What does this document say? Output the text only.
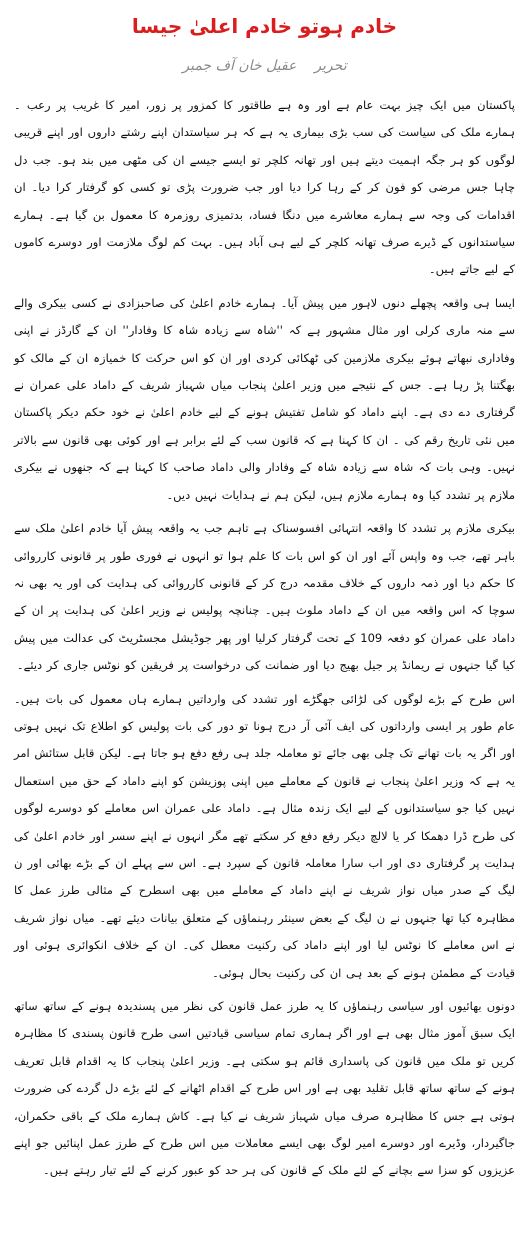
خادم ہوتو خادم اعلیٰ جیسا
تحریرعقیل خان آف جمبر

پاکستان میں ایک چیز بہت عام ہے اور وہ ہے طاقتور کا کمزور پر زور، امیر کا غریب پر رعب ۔ ہمارے ملک کی سیاست کی سب بڑی بیماری یہ ہے کہ ہر سیاستدان اپنے رشتے داروں اور اپنے قریبی لوگوں کو ہر جگہ اہمیت دیتے ہیں اور تھانہ کلچر تو ایسے جیسے ان کی مٹھی میں بند ہو۔ جب دل چاہا جس مرضی کو فون کر کے رہا کرا دیا اور جب ضرورت پڑی تو کسی کو گرفتار کرا دیا۔ ان اقدامات کی وجہ سے ہمارے معاشرے میں دنگا فساد، بدتمیزی روزمرہ کا معمول بن گیا ہے۔ ہمارے سیاستدانوں کے ڈیرے صرف تھانہ کلچر کے لیے ہی آباد ہیں۔ بہت کم لوگ ملازمت اور دوسرے کاموں کے لیے جاتے ہیں۔

ایسا ہی واقعہ پچھلے دنوں لاہور میں پیش آیا۔ ہمارے خادم اعلیٰ کی صاحبزادی نے کسی بیکری والے سے منہ ماری کرلی اور مثال مشہور ہے کہ ''شاہ سے زیادہ شاہ کا وفادار'' ان کے گارڈز نے اپنی وفاداری نبھاتے ہوئے بیکری ملازمین کی ٹھکائی کردی اور ان کو اس حرکت کا خمیازہ ان کے مالک کو بھگتنا پڑ رہا ہے۔ جس کے نتیجے میں وزیر اعلیٰ پنجاب میاں شہباز شریف کے داماد علی عمران نے گرفتاری دے دی ہے۔ اپنے داماد کو شامل تفتیش ہونے کے لیے خادم اعلیٰ نے خود حکم دیکر پاکستان میں نئی تاریخ رقم کی ۔ ان کا کہنا ہے کہ قانون سب کے لئے برابر ہے اور کوئی بھی قانون سے بالاتر نہیں۔ وہی بات کہ شاہ سے زیادہ شاہ کے وفادار والی داماد صاحب کا کہنا ہے کہ جنھوں نے بیکری ملازم پر تشدد کیا وہ ہمارے ملازم ہیں، لیکن ہم نے ہدایات نہیں دیں۔

بیکری ملازم پر تشدد کا واقعہ انتہائی افسوسناک ہے تاہم جب یہ واقعہ پیش آیا خادم اعلیٰ ملک سے باہر تھے، جب وہ واپس آئے اور ان کو اس بات کا علم ہوا تو انہوں نے فوری طور پر قانونی کارروائی کا حکم دیا اور ذمہ داروں کے خلاف مقدمہ درج کر کے قانونی کارروائی کی ہدایت کی اور یہ بھی نہ سوچا کہ اس واقعہ میں ان کے داماد ملوث ہیں۔ چنانچہ پولیس نے وزیر اعلیٰ کی ہدایت پر ان کے داماد علی عمران کو دفعہ 109 کے تحت گرفتار کرلیا اور پھر جوڈیشل مجسٹریٹ کی عدالت میں پیش کیا گیا جنہوں نے ریمانڈ پر جیل بھیج دیا اور ضمانت کی درخواست پر فریقین کو نوٹس جاری کر دیئے۔

اس طرح کے بڑے لوگوں کی لڑائی جھگڑے اور تشدد کی وارداتیں ہمارے ہاں معمول کی بات ہیں۔ عام طور پر ایسی وارداتوں کی ایف آئی آر درج ہونا تو دور کی بات پولیس کو اطلاع تک نہیں ہوتی اور اگر یہ بات تھانے تک چلی بھی جائے تو معاملہ جلد ہی رفع دفع ہو جاتا ہے۔ لیکن قابل ستائش امر یہ ہے کہ وزیر اعلیٰ پنجاب نے قانون کے معاملے میں اپنی پوزیشن کو اپنے داماد کے حق میں استعمال نہیں کیا جو سیاستدانوں کے لیے ایک زندہ مثال ہے۔ داماد علی عمران اس معاملے کو دوسرے لوگوں کی طرح ڈرا دھمکا کر یا لالچ دیکر رفع دفع کر سکتے تھے مگر انہوں نے اپنے سسر اور خادم اعلیٰ کی ہدایت پر گرفتاری دی اور اب سارا معاملہ قانون کے سپرد ہے۔ اس سے پہلے ان کے بڑے بھائی اور ن لیگ کے صدر میاں نواز شریف نے اپنے داماد کے معاملے میں بھی اسطرح کے مثالی طرز عمل کا مظاہرہ کیا تھا جنہوں نے ن لیگ کے بعض سینئر رہنماؤں کے متعلق بیانات دیئے تھے۔ میاں نواز شریف نے اس معاملے کا نوٹس لیا اور اپنے داماد کی رکنیت معطل کی۔ ان کے خلاف انکوائری ہوئی اور قیادت کے مطمئن ہونے کے بعد ہی ان کی رکنیت بحال ہوئی۔

دونوں بھائیوں اور سیاسی رہنماؤں کا یہ طرز عمل قانون کی نظر میں پسندیدہ ہونے کے ساتھ ساتھ ایک سبق آموز مثال بھی ہے اور اگر ہماری تمام سیاسی قیادتیں اسی طرح قانون پسندی کا مظاہرہ کریں تو ملک میں قانون کی پاسداری قائم ہو سکتی ہے۔ وزیر اعلیٰ پنجاب کا یہ اقدام قابل تعریف ہونے کے ساتھ ساتھ قابل تقلید بھی ہے اور اس طرح کے اقدام اٹھانے کے لئے بڑے دل گردے کی ضرورت ہوتی ہے جس کا مظاہرہ صرف میاں شہباز شریف نے کیا ہے۔ کاش ہمارے ملک کے باقی حکمران، جاگیردار، وڈیرے اور دوسرے امیر لوگ بھی ایسے معاملات میں اس طرح کے طرز عمل اپنائیں جو اپنے عزیزوں کو سزا سے بچانے کے لئے ملک کے قانون کی ہر حد کو عبور کرنے کے لئے تیار رہتے ہیں۔
